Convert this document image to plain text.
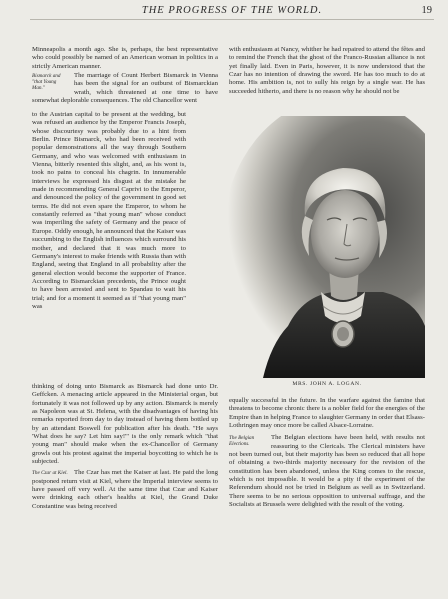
THE PROGRESS OF THE WORLD.	19

Minneapolis a month ago. She is, perhaps, the best representative who could possibly be named of an American woman in politics in a strictly American manner.

Bismarck and "that Young Man."

The marriage of Count Herbert Bismarck in Vienna has been the signal for an outburst of Bismarckian wrath, which threatened at one time to have somewhat deplorable consequences. The old Chancellor went

to the Austrian capital to be present at the wedding, but was refused an audience by the Emperor Francis Joseph, whose discourtesy was probably due to a hint from Berlin. Prince Bismarck, who had been received with popular demonstrations all the way through Southern Germany, and who was welcomed with enthusiasm in Vienna, bitterly resented this slight, and, as his wont is, took no pains to conceal his chagrin. In innumerable interviews he expressed his disgust at the mistake he made in recommending General Caprivi to the Emperor, and denounced the policy of the government in good set terms. He did not even spare the Emperor, to whom he constantly referred as "that young man" whose conduct was imperiling the safety of Germany and the peace of Europe. Oddly enough, he announced that the Kaiser was succumbing to the English influences which surround his mother, and declared that it was much more to Germany's interest to make friends with Russia than with England, seeing that England in all probability after the general election would become the supporter of France. According to Bismarckian precedents, the Prince ought to have been arrested and sent to Spandau to wait his trial; and for a moment it seemed as if "that young man" was

thinking of doing unto Bismarck as Bismarck had done unto Dr. Geffcken. A menacing article appeared in the Ministerial organ, but fortunately it was not followed up by any action. Bismarck is merely as Napoleon was at St. Helena, with the disadvantages of having his remarks reported from day to day instead of having them bottled up by an attendant Boswell for publication after his death. "He says 'What does he say? Let him say!'" is the only remark which "that young man" should make when the ex-Chancellor of Germany growls out his protest against the imperial boycotting to which he is subjected.

The Czar at Kiel. The Czar has met the Kaiser at last. He paid the long postponed return visit at Kiel, where the Imperial interview seems to have passed off very well. At the same time that Czar and Kaiser were drinking each other's healths at Kiel, the Grand Duke Constantine was being received

with enthusiasm at Nancy, whither he had repaired to attend the fêtes and to remind the French that the ghost of the Franco-Russian alliance is not yet finally laid. Even in Paris, however, it is now understood that the Czar has no intention of drawing the sword. He has too much to do at home. His ambition is, not to sully his reign by a single war. He has succeeded hitherto, and there is no reason why he should not be

MRS. JOHN A. LOGAN.

equally successful in the future. In the warfare against the famine that threatens to become chronic there is a nobler field for the energies of the Empire than in helping France to slaughter Germany in order that Elsass-Lothringen may once more be called Alsace-Lorraine.

The Belgian Elections.

The Belgian elections have been held, with results not reassuring to the Clericals. The Clerical ministers have not been turned out, but their majority has been so reduced that all hope of obtaining a two-thirds majority necessary for the revision of the constitution has been abandoned, unless the King comes to the rescue, which is not impossible. It would be a pity if the experiment of the Referendum should not be tried in Belgium as well as in Switzerland. There seems to be no serious opposition to universal suffrage, and the Socialists at Brussels were delighted with the result of the voting.
